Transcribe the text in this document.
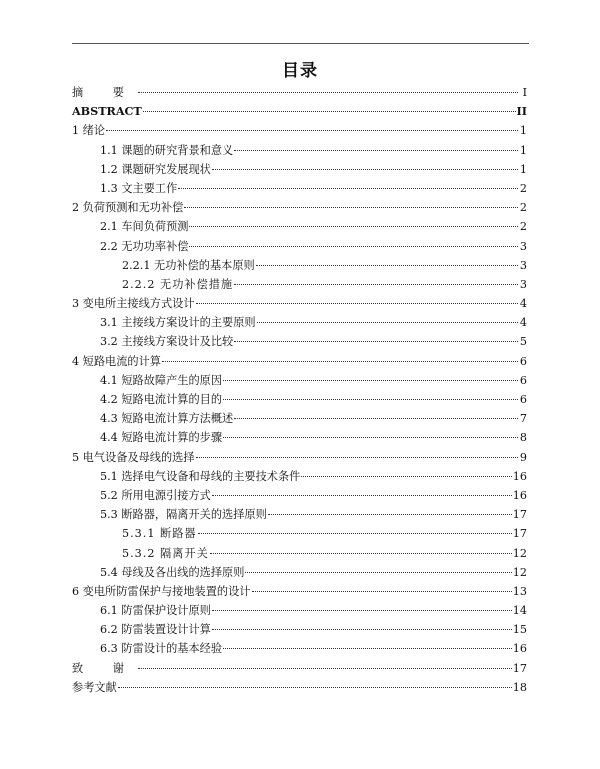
目录
摘 要	I
ABSTRACT	II
1 绪论	1
1.1 课题的研究背景和意义	1
1.2 课题研究发展现状	1
1.3 文主要工作	2
2 负荷预测和无功补偿	2
2.1 车间负荷预测	2
2.2 无功功率补偿	3
2.2.1 无功补偿的基本原则	3
2.2.2 无功补偿措施	3
3 变电所主接线方式设计	4
3.1 主接线方案设计的主要原则	4
3.2 主接线方案设计及比较	5
4 短路电流的计算	6
4.1 短路故障产生的原因	6
4.2 短路电流计算的目的	6
4.3 短路电流计算方法概述	7
4.4 短路电流计算的步骤	8
5 电气设备及母线的选择	9
5.1 选择电气设备和母线的主要技术条件	16
5.2 所用电源引接方式	16
5.3 断路器，隔离开关的选择原则	17
5.3.1 断路器	17
5.3.2 隔离开关	12
5.4 母线及各出线的选择原则	12
6 变电所防雷保护与接地装置的设计	13
6.1 防雷保护设计原则	14
6.2 防雷装置设计计算	15
6.3 防雷设计的基本经验	16
致 谢	17
参考文献	18
